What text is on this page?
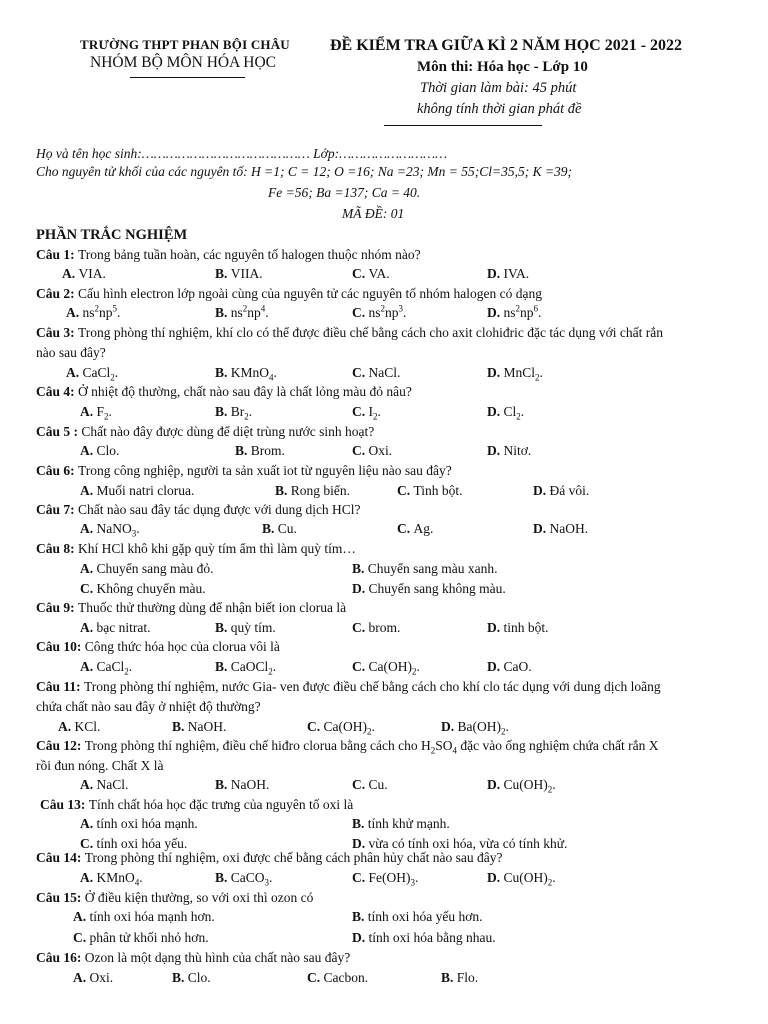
TRƯỜNG THPT PHAN BỘI CHÂU
NHÓM BỘ MÔN HÓA HỌC
ĐỀ KIỂM TRA GIỮA KÌ 2 NĂM HỌC 2021 - 2022
Môn thi: Hóa học - Lớp 10
Thời gian làm bài: 45 phút
không tính thời gian phát đề
Họ và tên học sinh:…………………………………… Lớp:………………………
Cho nguyên tử khối của các nguyên tố: H =1; C = 12; O =16; Na =23; Mn = 55;Cl=35,5; K =39;
Fe =56; Ba =137; Ca = 40.
MÃ ĐỀ: 01
PHẦN TRẮC NGHIỆM
Câu 1: Trong bảng tuần hoàn, các nguyên tố halogen thuộc nhóm nào?
A. VIA.	B. VIIA.	C. VA.	D. IVA.
Câu 2: Cấu hình electron lớp ngoài cùng của nguyên tử các nguyên tố nhóm halogen có dạng
A. $ns^2np^5$.	B. $ns^2np^4$.	C. $ns^2np^3$.	D. $ns^2np^6$.
Câu 3: Trong phòng thí nghiệm, khí clo có thể được điều chế bằng cách cho axit clohiđric đặc tác dụng với chất rắn
nào sau đây?
A. CaCl$_2$.	B. KMnO$_4$.	C. NaCl.	D. MnCl$_2$.
Câu 4: Ở nhiệt độ thường, chất nào sau đây là chất lỏng màu đỏ nâu?
A. $F_2$.	B. $Br_2$.	C. $I_2$.	D. $Cl_2$.
Câu 5 : Chất nào đây được dùng để diệt trùng nước sinh hoạt?
A. Clo.	B. Brom.	C. Oxi.	D. Nitơ.
Câu 6: Trong công nghiệp, người ta sản xuất iot từ nguyên liệu nào sau đây?
A. Muối natri clorua.	B. Rong biển.	C. Tinh bột.	D. Đá vôi.
Câu 7: Chất nào sau đây tác dụng được với dung dịch HCl?
A. NaNO$_3$.	B. Cu.	C. Ag.	D. NaOH.
Câu 8: Khí HCl khô khi gặp quỳ tím ẩm thì làm quỳ tím…
A. Chuyển sang màu đỏ.	B. Chuyển sang màu xanh.
C. Không chuyển màu.	D. Chuyển sang không màu.
Câu 9: Thuốc thử thường dùng để nhận biết ion clorua là
A. bạc nitrat.	B. quỳ tím.	C. brom.	D. tinh bột.
Câu 10: Công thức hóa học của clorua vôi là
A. CaCl$_2$.	B. CaOCl$_2$.	C. $Ca(OH)_2$.	D. CaO.
Câu 11: Trong phòng thí nghiệm, nước Gia- ven được điều chế bằng cách cho khí clo tác dụng với dung dịch loãng
chứa chất nào sau đây ở nhiệt độ thường?
A. KCl.	B. NaOH.	C. $Ca(OH)_2$.	D. $Ba(OH)_2$.
Câu 12: Trong phòng thí nghiệm, điều chế hiđro clorua bằng cách cho $H_2SO_4$ đặc vào ống nghiệm chứa chất rắn X
rồi đun nóng. Chất X là
A. NaCl.	B. NaOH.	C. Cu.	D. $Cu(OH)_2$.
Câu 13: Tính chất hóa học đặc trưng của nguyên tố oxi là
A. tính oxi hóa mạnh.	B. tính khử mạnh.
C. tính oxi hóa yếu.	D. vừa có tính oxi hóa, vừa có tính khử.
Câu 14: Trong phòng thí nghiệm, oxi được chế bằng cách phân hủy chất nào sau đây?
A. KMnO$_4$.	B. CaCO$_3$.	C. $Fe(OH)_3$.	D. $Cu(OH)_2$.
Câu 15: Ở điều kiện thường, so với oxi thì ozon có
A. tính oxi hóa mạnh hơn.	B. tính oxi hóa yếu hơn.
C. phân tử khối nhỏ hơn.	D. tính oxi hóa bằng nhau.
Câu 16: Ozon là một dạng thù hình của chất nào sau đây?
A. Oxi.	B. Clo.	C. Cacbon.	B. Flo.
